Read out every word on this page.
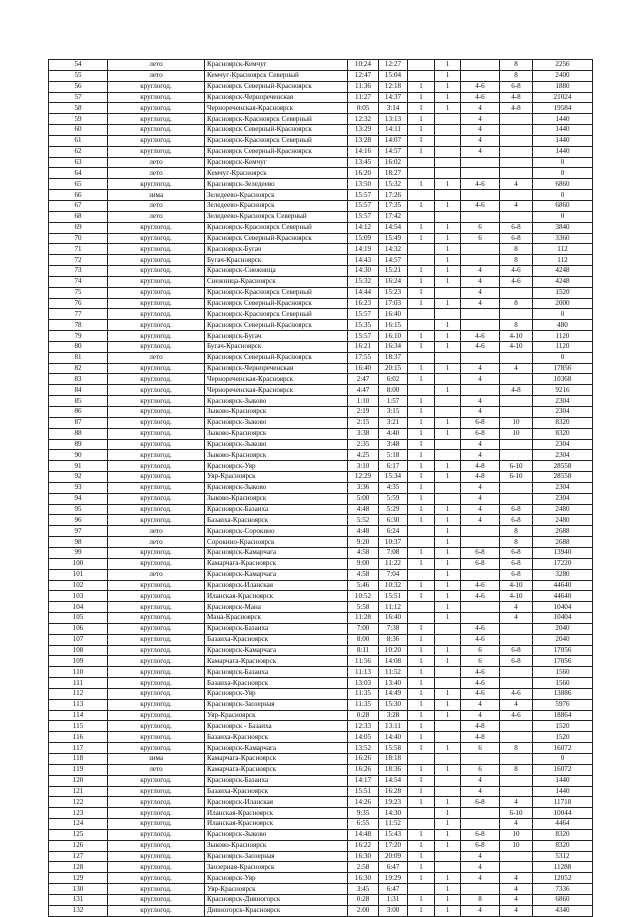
54	лето	Красноярск-Кемчуг	10:24	12:27		1		8	2256
55	лето	Кемчуг-Красноярск Северный	12:47	15:04		1		8	2400
56	круглогод.	Красноярск Северный-Красноярск	11:36	12:18	1	1	4-6	6-8	1880
57	круглогод.	Красноярск-Чернореченская	11:27	14:37	1	1	4-6	4-8	21024
58	круглогод.	Чернореченская-Красноярск	0:05	3:14	1	1	4	4-8	19584
59	круглогод.	Красноярск-Красноярск Северный	12:32	13:13	1		4		1440
60	круглогод.	Красноярск Северный-Красноярск	13:29	14:11	1		4		1440
61	круглогод.	Красноярск-Красноярск Северный	13:28	14:07	1		4		1440
62	круглогод.	Красноярск Северный-Красноярск	14:16	14:57	1		4		1440
63	лето	Красноярск-Кемчуг	13:45	16:02					0
64	лето	Кемчуг-Красноярск	16:20	18:27					0
65	круглогод.	Красноярск-Зеледеево	13:50	15:32	1	1	4-6	4	6860
66	зима	Зеледеево-Красноярск	15:57	17:26					0
67	лето	Зеледеево-Красноярск	15:57	17:35	1	1	4-6	4	6860
68	лето	Зеледеево-Красноярск Северный	15:57	17:42					0
69	круглогод.	Красноярск-Красноярск Северный	14:12	14:54	1	1	6	6-8	3840
70	круглогод.	Красноярск Северный-Красноярск	15:09	15:49	1	1	6	6-8	3360
71	круглогод.	Красноярск-Бугач	14:19	14:32		1		8	112
72	круглогод.	Бугач-Красноярск	14:43	14:57		1		8	112
73	круглогод.	Красноярск-Снежница	14:30	15:21	1	1	4	4-6	4248
74	круглогод.	Снежница-Красноярск	15:32	16:24	1	1	4	4-6	4248
75	круглогод.	Красноярск-Красноярск Северный	14:44	15:23	1		4		1520
76	круглогод.	Красноярск Северный-Красноярск	16:23	17:03	1	1	4	8	2000
77	круглогод.	Красноярск-Красноярск Северный	15:57	16:40					0
78	круглогод.	Красноярск Северный-Красноярск	15:35	16:15		1		8	480
79	круглогод.	Красноярск-Бугач	15:57	16:10	1	1	4-6	4-10	1120
80	круглогод.	Бугач-Красноярск	16:21	16:34	1	1	4-6	4-10	1120
81	лето	Красноярск Северный-Красноярск	17:55	18:37					0
82	круглогод.	Красноярск-Чернореченская	16:40	20:15	1	1	4	4	17856
83	круглогод.	Чернореченская-Красноярск	2:47	6:02	1		4		10368
84	круглогод.	Чернореченская-Красноярск	4:47	8:00		1		4-8	9216
85	круглогод.	Красноярск-Зыково	1:10	1:57	1		4		2304
86	круглогод.	Зыково-Красноярск	2:19	3:15	1		4		2304
87	круглогод.	Красноярск-Зыково	2:15	3:21	1	1	6-8	10	8320
88	круглогод.	Зыково-Красноярск	3:38	4:40	1	1	6-8	10	8320
89	круглогод.	Красноярск-Зыково	2:35	3:48	1		4		2304
90	круглогод.	Зыково-Красноярск	4:25	5:18	1		4		2304
91	круглогод.	Красноярск-Уяр	3:10	6:17	1	1	4-8	6-10	28558
92	круглогод.	Уяр-Красноярск	12:29	15:34	1	1	4-8	6-10	28558
93	круглогод.	Красноярск-Зыково	3:36	4:35	1		4		2304
94	круглогод.	Зыково-Красноярск	5:00	5:59	1		4		2304
95	круглогод.	Красноярск-Базаиха	4:48	5:29	1	1	4	6-8	2480
96	круглогод.	Базаиха-Красноярск	5:52	6:30	1	1	4	6-8	2480
97	лето	Красноярск-Сорокино	4:48	6:24		1		8	2688
98	лето	Сорокино-Красноярск	9:20	10:37		1		8	2688
99	круглогод.	Красноярск-Камарчага	4:58	7:08	1	1	6-8	6-8	13940
100	круглогод.	Камарчага-Красноярск	9:00	11:22	1	1	6-8	6-8	17220
101	лето	Красноярск-Камарчага	4:58	7:04		1		6-8	3280
102	круглогод.	Красноярск-Иланская	5:46	10:32	1	1	4-6	4-10	44640
103	круглогод.	Иланская-Красноярск	10:52	15:51	1	1	4-6	4-10	44640
104	круглогод.	Красноярск-Мана	5:58	11:12		1		4	10404
105	круглогод.	Мана-Красноярск	11:28	16:40		1		4	10404
106	круглогод.	Красноярск-Базаиха	7:00	7:38	1		4-6		2040
107	круглогод.	Базаиха-Красноярск	8:00	8:36	1		4-6		2040
108	круглогод.	Красноярск-Камарчага	8:11	10:20	1	1	6	6-8	17056
109	круглогод.	Камарчага-Красноярск	11:56	14:08	1	1	6	6-8	17056
110	круглогод.	Красноярск-Базаиха	11:13	11:52	1		4-6		1560
111	круглогод.	Базаиха-Красноярск	13:03	13:40	1		4-6		1560
112	круглогод.	Красноярск-Уяр	11:35	14:49	1	1	4-6	4-6	13886
113	круглогод.	Красноярск-Заозерная	11:35	15:30	1	1	4	4	5976
114	круглогод.	Уяр-Красноярск	0:28	3:28	1	1	4	4-6	18864
115	круглогод.	Красноярск - Базаиха	12:33	13:11	1		4-8		1520
116	круглогод.	Базаиха-Красноярск	14:05	14:40	1		4-8		1520
117	круглогод.	Красноярск-Камарчага	13:52	15:58	1	1	6	8	16072
118	зима	Камарчага-Красноярск	16:26	18:18					0
119	лето	Камарчага-Красноярск	16:26	18:36	1	1	6	8	16072
120	круглогод.	Красноярск-Базаиха	14:17	14:54	1		4		1440
121	круглогод.	Базаиха-Красноярск	15:51	16:28	1		4		1440
122	круглогод.	Красноярск-Иланская	14:26	19:23	1	1	6-8	4	11718
123	круглогод.	Иланская-Красноярск	9:35	14:30		1		6-10	10044
124	круглогод.	Иланская-Красноярск	6:55	11:52		1		4	4464
125	круглогод.	Красноярск-Зыково	14:48	15:43	1	1	6-8	10	8320
126	круглогод.	Зыково-Красноярск	16:22	17:20	1	1	6-8	10	8320
127	круглогод.	Красноярск-Заозерная	16:30	20:09	1		4		5312
128	круглогод.	Заозерная-Красноярск	2:58	6:47	1		4		11288
129	круглогод.	Красноярск-Уяр	16:30	19:29	1	1	4	4	12052
130	круглогод.	Уяр-Красноярск	3:45	6:47		1		4	7336
131	круглогод.	Красноярск-Дивногорск	0:28	1:31	1	1	8	4	6860
132	круглогод.	Дивногорск-Красноярск	2:00	3:00	1	1	4	4	4340
